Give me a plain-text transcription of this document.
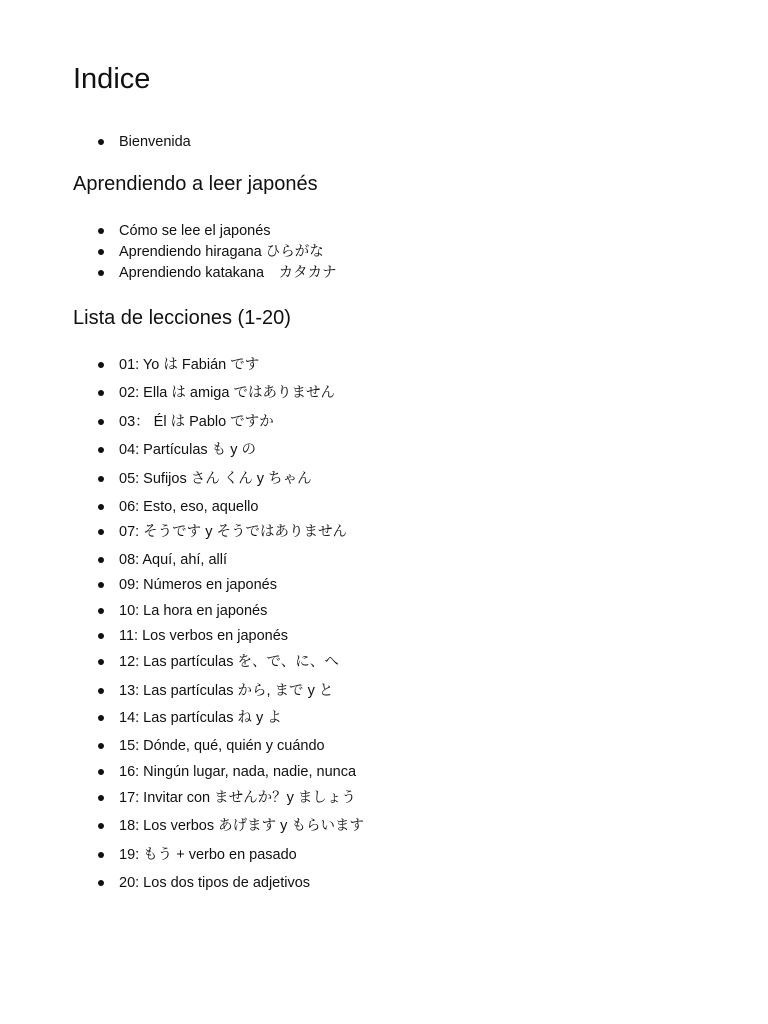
Indice
Bienvenida
Aprendiendo a leer japonés
Cómo se lee el japonés
Aprendiendo hiragana ひらがな
Aprendiendo katakana　カタカナ
Lista de lecciones (1-20)
01: Yo は Fabián です
02: Ella は amiga ではありません
03： Él は Pablo ですか
04: Partículas も y の
05: Sufijos さん くん y ちゃん
06: Esto, eso, aquello
07: そうです y そうではありません
08: Aquí, ahí, allí
09: Números en japonés
10: La hora en japonés
11: Los verbos en japonés
12: Las partículas を、で、に、へ
13: Las partículas から, まで y と
14: Las partículas ね y よ
15: Dónde, qué, quién y cuándo
16: Ningún lugar, nada, nadie, nunca
17: Invitar con ませんか？y ましょう
18: Los verbos あげます y もらいます
19: もう + verbo en pasado
20: Los dos tipos de adjetivos
